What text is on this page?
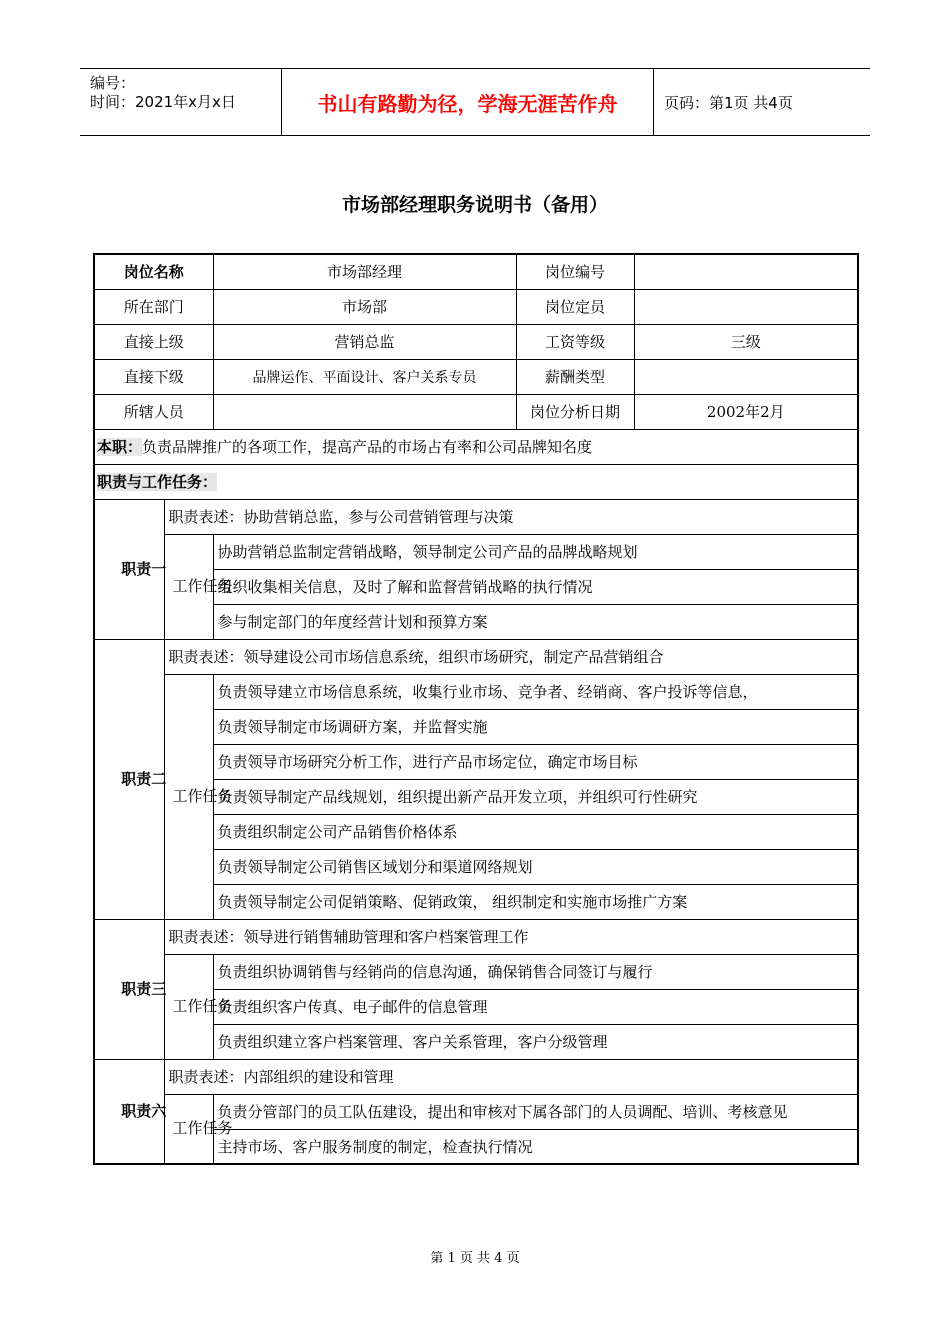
编号：
时间：2021年x月x日	书山有路勤为径，学海无涯苦作舟	页码：第1页 共4页
市场部经理职务说明书（备用）
岗位名称		市场部经理	岗位编号	
所在部门		市场部	岗位定员	
直接上级		营销总监	工资等级	三级
直接下级		品牌运作、平面设计、客户关系专员	薪酬类型	
所辖人员			岗位分析日期	2002年2月
本职：负责品牌推广的各项工作，提高产品的市场占有率和公司品牌知名度				
职责与工作任务：				

职责一	职责表述：协助营销总监，参与公司营销管理与决策			

	工作任务	协助营销总监制定营销战略，领导制定公司产品的品牌战略规划		
		组织收集相关信息，及时了解和监督营销战略的执行情况		
		参与制定部门的年度经营计划和预算方案		

职责二	职责表述：领导建设公司市场信息系统，组织市场研究，制定产品营销组合			

	工作任务	负责领导建立市场信息系统，收集行业市场、竞争者、经销商、客户投诉等信息，		
		负责领导制定市场调研方案，并监督实施		
		负责领导市场研究分析工作，进行产品市场定位，确定市场目标		
		负责领导制定产品线规划，组织提出新产品开发立项，并组织可行性研究		
		负责组织制定公司产品销售价格体系		
		负责领导制定公司销售区域划分和渠道网络规划		
		负责领导制定公司促销策略、促销政策， 组织制定和实施市场推广方案		

职责三	职责表述：领导进行销售辅助管理和客户档案管理工作			

	工作任务	负责组织协调销售与经销尚的信息沟通，确保销售合同签订与履行		
		负责组织客户传真、电子邮件的信息管理		
		负责组织建立客户档案管理、客户关系管理，客户分级管理		

职责六	职责表述：内部组织的建设和管理			

	工作任务	负责分管部门的员工队伍建设，提出和审核对下属各部门的人员调配、培训、考核意见		
		主持市场、客户服务制度的制定，检查执行情况		
第 1 页 共 4 页
